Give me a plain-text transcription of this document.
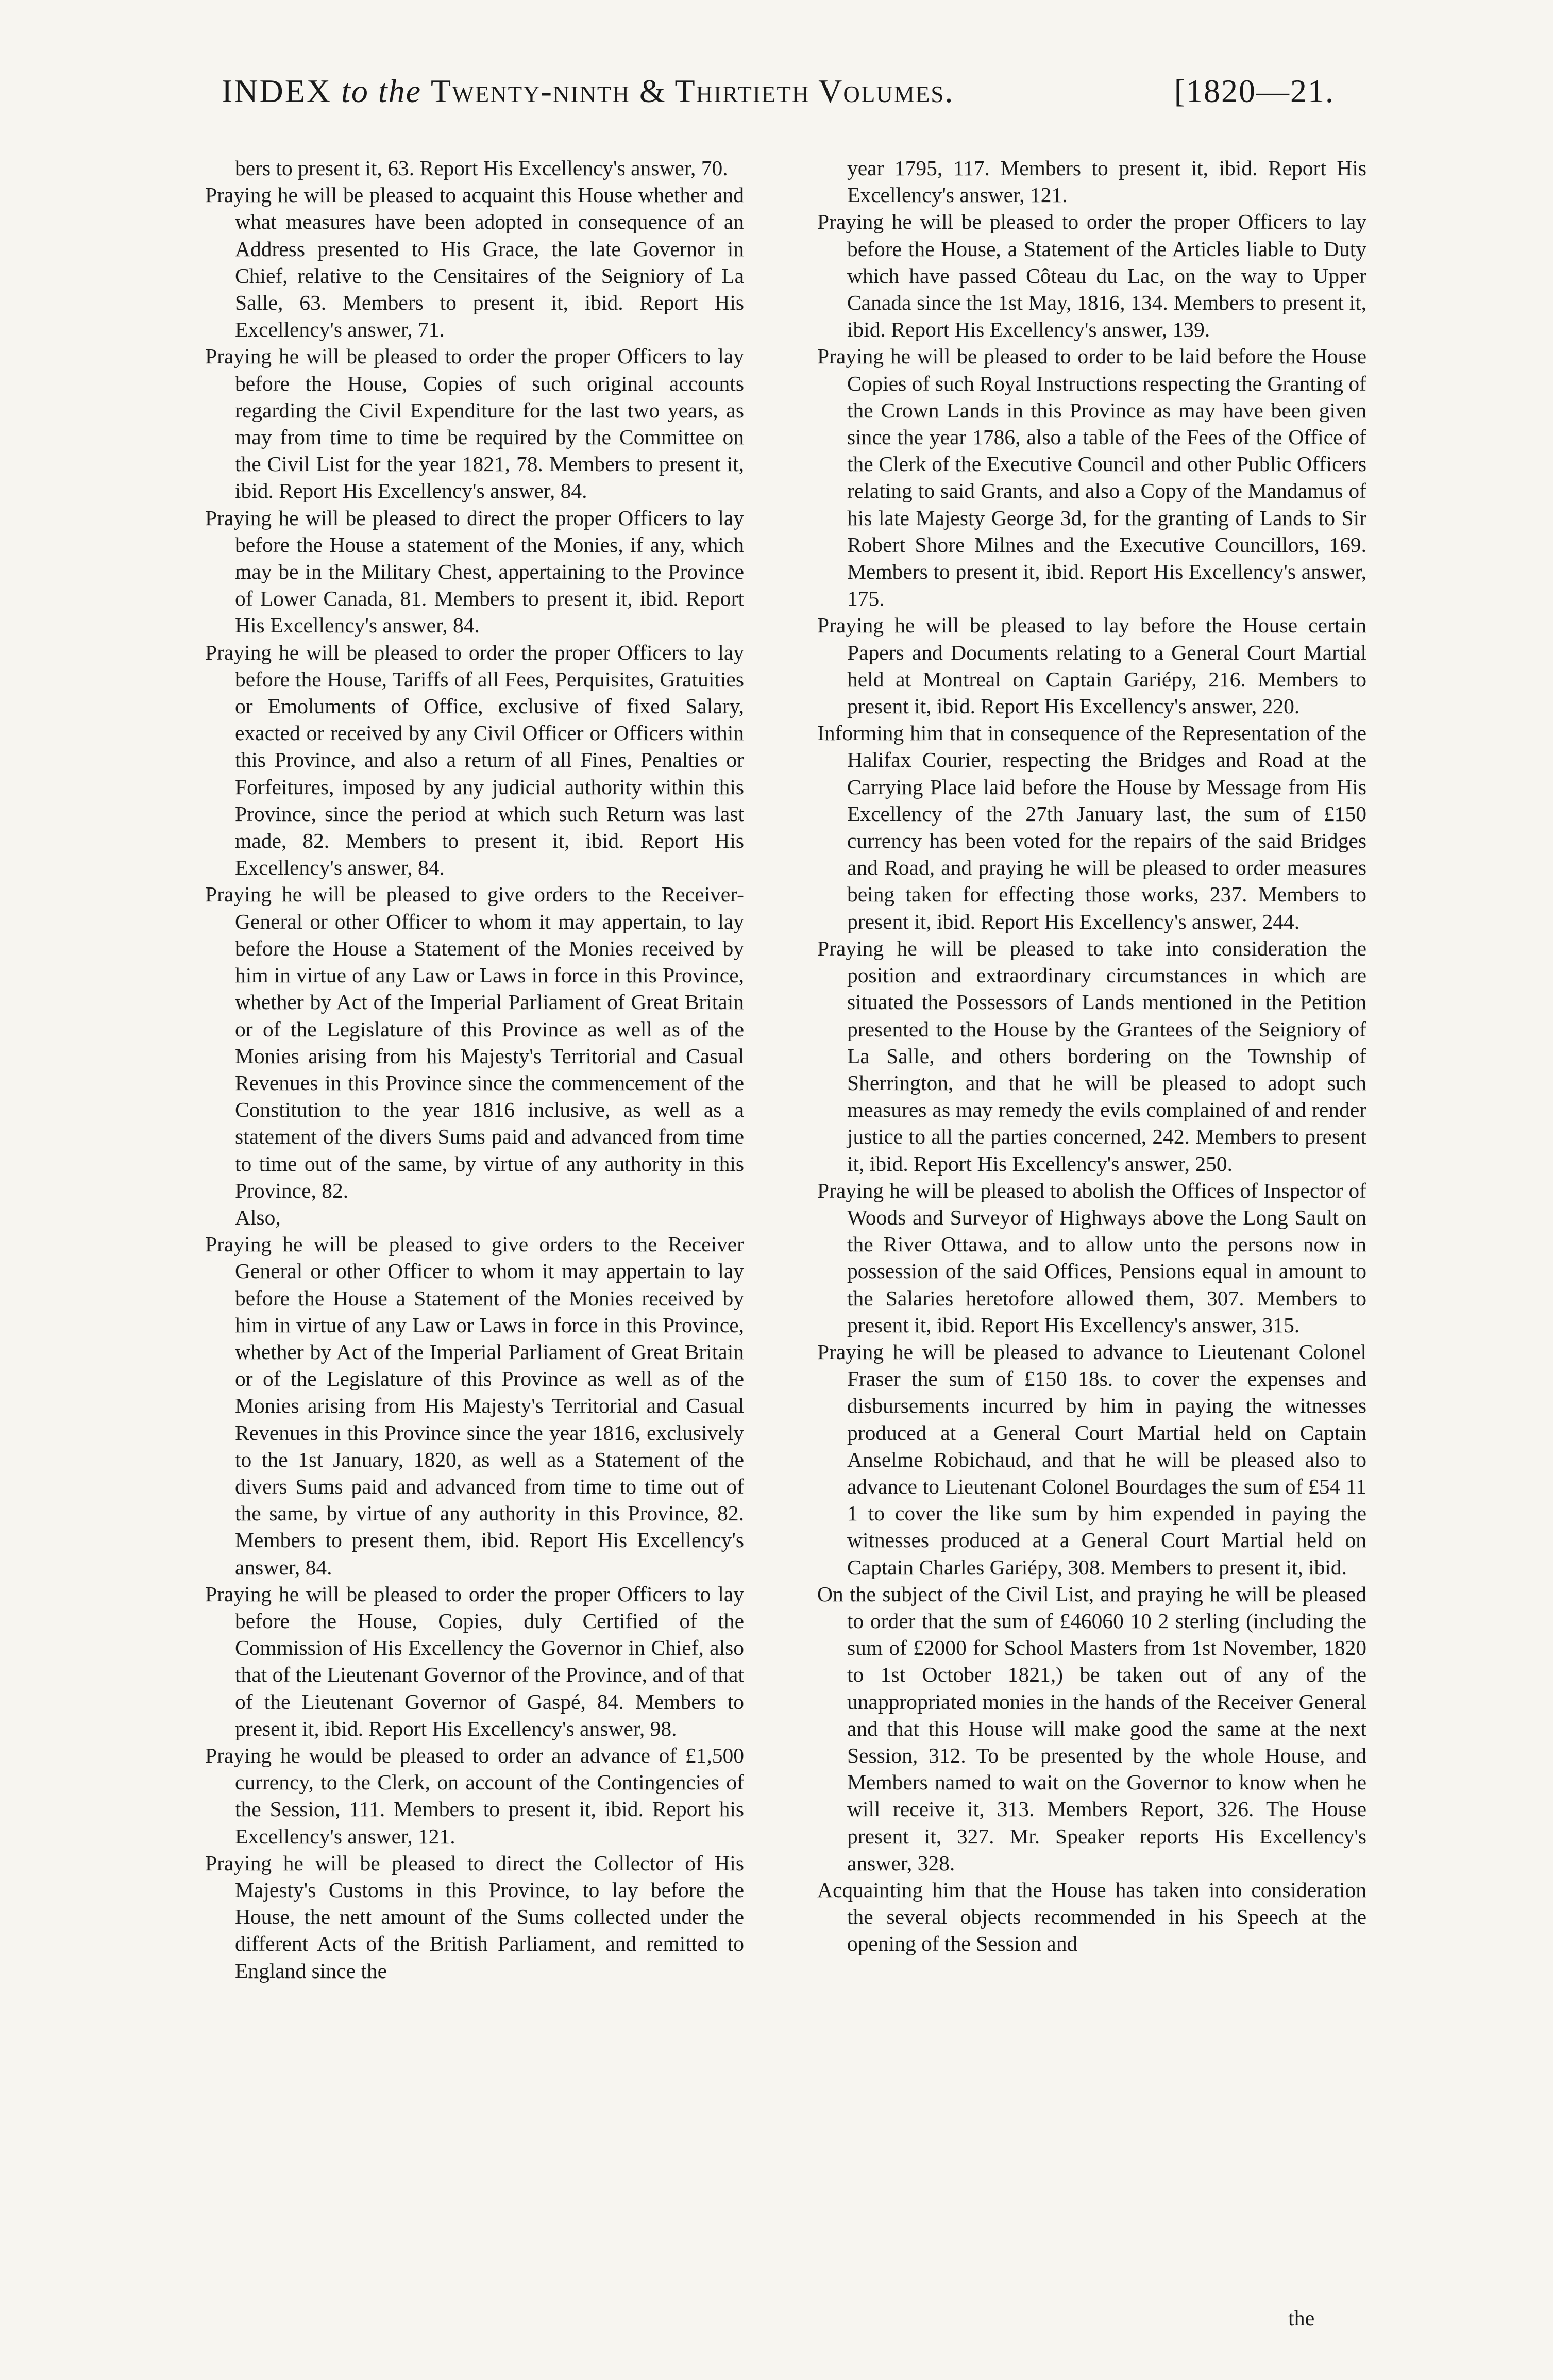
INDEX to the Twenty-ninth & Thirtieth Volumes.	[1820—21.

bers to present it, 63. Report His Excellency's answer, 70.

Praying he will be pleased to acquaint this House whether and what measures have been adopted in consequence of an Address presented to His Grace, the late Governor in Chief, relative to the Censitaires of the Seigniory of La Salle, 63. Members to present it, ibid. Report His Excellency's answer, 71.

Praying he will be pleased to order the proper Officers to lay before the House, Copies of such original accounts regarding the Civil Expenditure for the last two years, as may from time to time be required by the Committee on the Civil List for the year 1821, 78. Members to present it, ibid. Report His Excellency's answer, 84.

Praying he will be pleased to direct the proper Officers to lay before the House a statement of the Monies, if any, which may be in the Military Chest, appertaining to the Province of Lower Canada, 81. Members to present it, ibid. Report His Excellency's answer, 84.

Praying he will be pleased to order the proper Officers to lay before the House, Tariffs of all Fees, Perquisites, Gratuities or Emoluments of Office, exclusive of fixed Salary, exacted or received by any Civil Officer or Officers within this Province, and also a return of all Fines, Penalties or Forfeitures, imposed by any judicial authority within this Province, since the period at which such Return was last made, 82. Members to present it, ibid. Report His Excellency's answer, 84.

Praying he will be pleased to give orders to the Receiver-General or other Officer to whom it may appertain, to lay before the House a Statement of the Monies received by him in virtue of any Law or Laws in force in this Province, whether by Act of the Imperial Parliament of Great Britain or of the Legislature of this Province as well as of the Monies arising from his Majesty's Territorial and Casual Revenues in this Province since the commencement of the Constitution to the year 1816 inclusive, as well as a statement of the divers Sums paid and advanced from time to time out of the same, by virtue of any authority in this Province, 82.

Also,

Praying he will be pleased to give orders to the Receiver General or other Officer to whom it may appertain to lay before the House a Statement of the Monies received by him in virtue of any Law or Laws in force in this Province, whether by Act of the Imperial Parliament of Great Britain or of the Legislature of this Province as well as of the Monies arising from His Majesty's Territorial and Casual Revenues in this Province since the year 1816, exclusively to the 1st January, 1820, as well as a Statement of the divers Sums paid and advanced from time to time out of the same, by virtue of any authority in this Province, 82. Members to present them, ibid. Report His Excellency's answer, 84.

Praying he will be pleased to order the proper Officers to lay before the House, Copies, duly Certified of the Commission of His Excellency the Governor in Chief, also that of the Lieutenant Governor of the Province, and of that of the Lieutenant Governor of Gaspé, 84. Members to present it, ibid. Report His Excellency's answer, 98.

Praying he would be pleased to order an advance of £1,500 currency, to the Clerk, on account of the Contingencies of the Session, 111. Members to present it, ibid. Report his Excellency's answer, 121.

Praying he will be pleased to direct the Collector of His Majesty's Customs in this Province, to lay before the House, the nett amount of the Sums collected under the different Acts of the British Parliament, and remitted to England since the

year 1795, 117. Members to present it, ibid. Report His Excellency's answer, 121.

Praying he will be pleased to order the proper Officers to lay before the House, a Statement of the Articles liable to Duty which have passed Côteau du Lac, on the way to Upper Canada since the 1st May, 1816, 134. Members to present it, ibid. Report His Excellency's answer, 139.

Praying he will be pleased to order to be laid before the House Copies of such Royal Instructions respecting the Granting of the Crown Lands in this Province as may have been given since the year 1786, also a table of the Fees of the Office of the Clerk of the Executive Council and other Public Officers relating to said Grants, and also a Copy of the Mandamus of his late Majesty George 3d, for the granting of Lands to Sir Robert Shore Milnes and the Executive Councillors, 169. Members to present it, ibid. Report His Excellency's answer, 175.

Praying he will be pleased to lay before the House certain Papers and Documents relating to a General Court Martial held at Montreal on Captain Gariépy, 216. Members to present it, ibid. Report His Excellency's answer, 220.

Informing him that in consequence of the Representation of the Halifax Courier, respecting the Bridges and Road at the Carrying Place laid before the House by Message from His Excellency of the 27th January last, the sum of £150 currency has been voted for the repairs of the said Bridges and Road, and praying he will be pleased to order measures being taken for effecting those works, 237. Members to present it, ibid. Report His Excellency's answer, 244.

Praying he will be pleased to take into consideration the position and extraordinary circumstances in which are situated the Possessors of Lands mentioned in the Petition presented to the House by the Grantees of the Seigniory of La Salle, and others bordering on the Township of Sherrington, and that he will be pleased to adopt such measures as may remedy the evils complained of and render justice to all the parties concerned, 242. Members to present it, ibid. Report His Excellency's answer, 250.

Praying he will be pleased to abolish the Offices of Inspector of Woods and Surveyor of Highways above the Long Sault on the River Ottawa, and to allow unto the persons now in possession of the said Offices, Pensions equal in amount to the Salaries heretofore allowed them, 307. Members to present it, ibid. Report His Excellency's answer, 315.

Praying he will be pleased to advance to Lieutenant Colonel Fraser the sum of £150 18s. to cover the expenses and disbursements incurred by him in paying the witnesses produced at a General Court Martial held on Captain Anselme Robichaud, and that he will be pleased also to advance to Lieutenant Colonel Bourdages the sum of £54 11 1 to cover the like sum by him expended in paying the witnesses produced at a General Court Martial held on Captain Charles Gariépy, 308. Members to present it, ibid.

On the subject of the Civil List, and praying he will be pleased to order that the sum of £46060 10 2 sterling (including the sum of £2000 for School Masters from 1st November, 1820 to 1st October 1821,) be taken out of any of the unappropriated monies in the hands of the Receiver General and that this House will make good the same at the next Session, 312. To be presented by the whole House, and Members named to wait on the Governor to know when he will receive it, 313. Members Report, 326. The House present it, 327. Mr. Speaker reports His Excellency's answer, 328.

Acquainting him that the House has taken into consideration the several objects recommended in his Speech at the opening of the Session and

the
